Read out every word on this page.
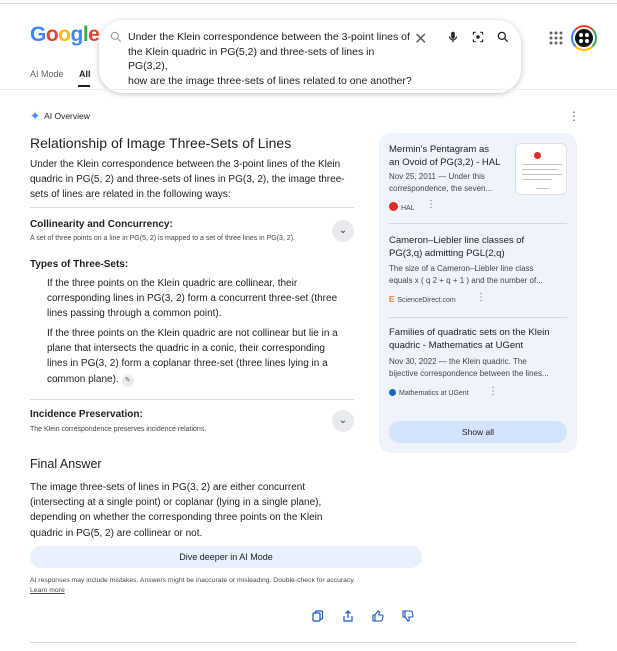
Google	Under the Klein correspondence between the 3-point lines of
the Klein quadric in PG(5,2) and three-sets of lines in PG(3,2),
how are the image three-sets of lines related to one another?
✕
AI Mode All
✦ AI Overview	⋮
Relationship of Image Three-Sets of Lines
Under the Klein correspondence between the 3-point lines of the Klein
quadric in PG(5, 2) and three-sets of lines in PG(3, 2), the image three-
sets of lines are related in the following ways:
Collinearity and Concurrency:
A set of three points on a line in PG(5, 2) is mapped to a set of three lines in PG(3, 2).
⌄
Types of Three-Sets:
If the three points on the Klein quadric are collinear, their
corresponding lines in PG(3, 2) form a concurrent three-set (three
lines passing through a common point).
If the three points on the Klein quadric are not collinear but lie in a
plane that intersects the quadric in a conic, their corresponding
lines in PG(3, 2) form a coplanar three-set (three lines lying in a
common plane). ✎
Incidence Preservation:
The Klein correspondence preserves incidence relations.
⌄
Final Answer
The image three-sets of lines in PG(3, 2) are either concurrent
(intersecting at a single point) or coplanar (lying in a single plane),
depending on whether the corresponding three points on the Klein
quadric in PG(5, 2) are collinear or not.
Dive deeper in AI Mode
AI responses may include mistakes. Answers might be inaccurate or misleading. Double-check for accuracy.
Learn more
Mermin's Pentagram as
an Ovoid of PG(3,2) - HAL
Nov 25, 2011 — Under this
correspondence, the seven...
HAL ⋮
Cameron–Liebler line classes of
PG(3,q) admitting PGL(2,q)
The size of a Cameron–Liebler line class
equals x ( q 2 + q + 1 ) and the number of...
E ScienceDirect.com ⋮
Families of quadratic sets on the Klein
quadric - Mathematics at UGent
Nov 30, 2022 — the Klein quadric. The
bijective correspondence between the lines...
Mathematics at UGent ⋮
Show all
